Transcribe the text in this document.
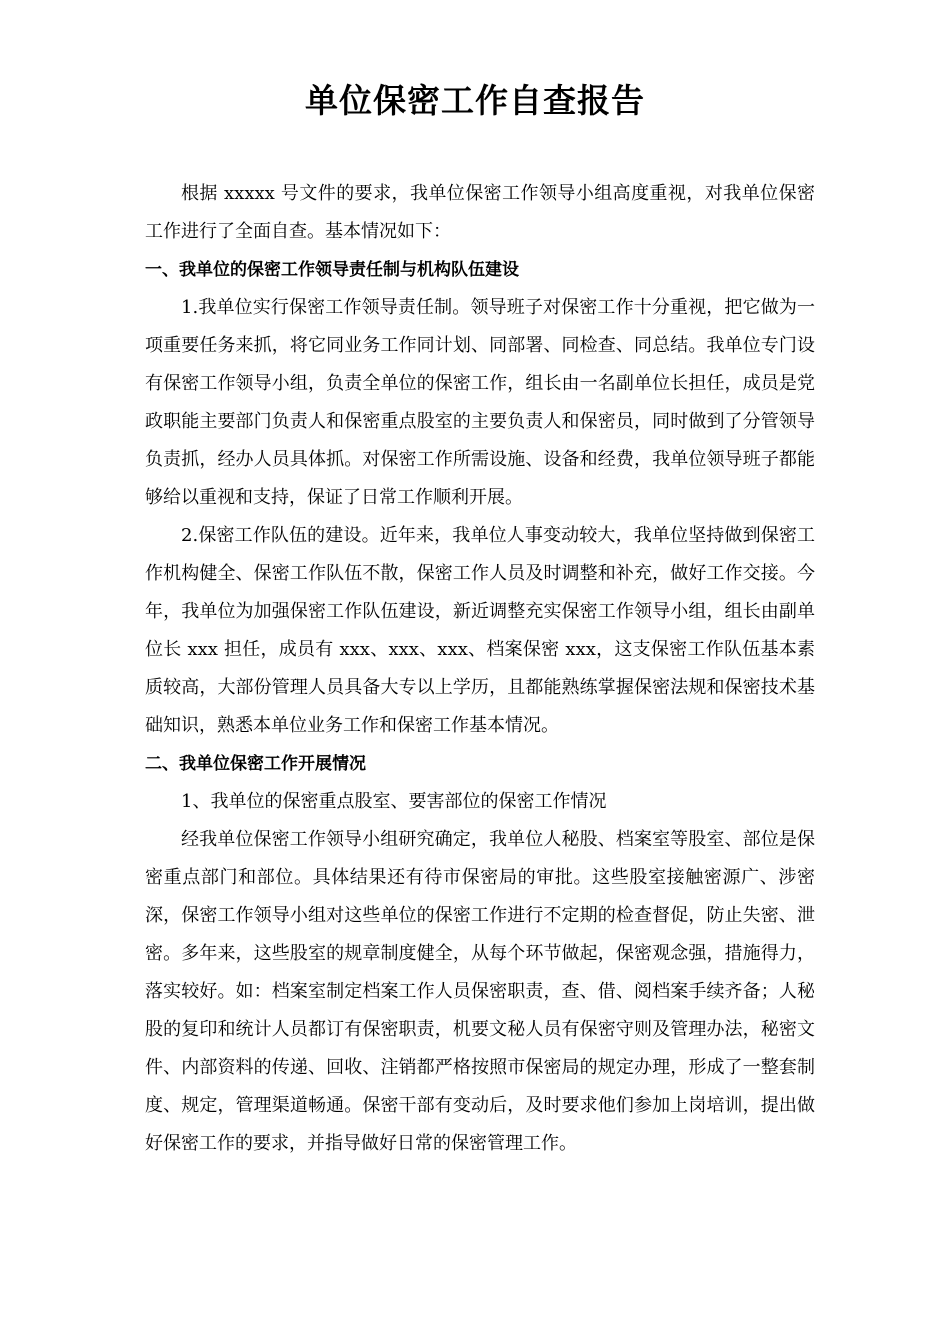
单位保密工作自查报告

根据 xxxxx 号文件的要求，我单位保密工作领导小组高度重视，对我单位保密工作进行了全面自查。基本情况如下：

一、我单位的保密工作领导责任制与机构队伍建设

1.我单位实行保密工作领导责任制。领导班子对保密工作十分重视，把它做为一项重要任务来抓，将它同业务工作同计划、同部署、同检查、同总结。我单位专门设有保密工作领导小组，负责全单位的保密工作，组长由一名副单位长担任，成员是党政职能主要部门负责人和保密重点股室的主要负责人和保密员，同时做到了分管领导负责抓，经办人员具体抓。对保密工作所需设施、设备和经费，我单位领导班子都能够给以重视和支持，保证了日常工作顺利开展。

2.保密工作队伍的建设。近年来，我单位人事变动较大，我单位坚持做到保密工作机构健全、保密工作队伍不散，保密工作人员及时调整和补充，做好工作交接。今年，我单位为加强保密工作队伍建设，新近调整充实保密工作领导小组，组长由副单位长 xxx 担任，成员有 xxx、xxx、xxx、档案保密 xxx，这支保密工作队伍基本素质较高，大部份管理人员具备大专以上学历，且都能熟练掌握保密法规和保密技术基础知识，熟悉本单位业务工作和保密工作基本情况。

二、我单位保密工作开展情况

1、我单位的保密重点股室、要害部位的保密工作情况

经我单位保密工作领导小组研究确定，我单位人秘股、档案室等股室、部位是保密重点部门和部位。具体结果还有待市保密局的审批。这些股室接触密源广、涉密深，保密工作领导小组对这些单位的保密工作进行不定期的检查督促，防止失密、泄密。多年来，这些股室的规章制度健全，从每个环节做起，保密观念强，措施得力，落实较好。如：档案室制定档案工作人员保密职责，查、借、阅档案手续齐备；人秘股的复印和统计人员都订有保密职责，机要文秘人员有保密守则及管理办法，秘密文件、内部资料的传递、回收、注销都严格按照市保密局的规定办理，形成了一整套制度、规定，管理渠道畅通。保密干部有变动后，及时要求他们参加上岗培训，提出做好保密工作的要求，并指导做好日常的保密管理工作。
